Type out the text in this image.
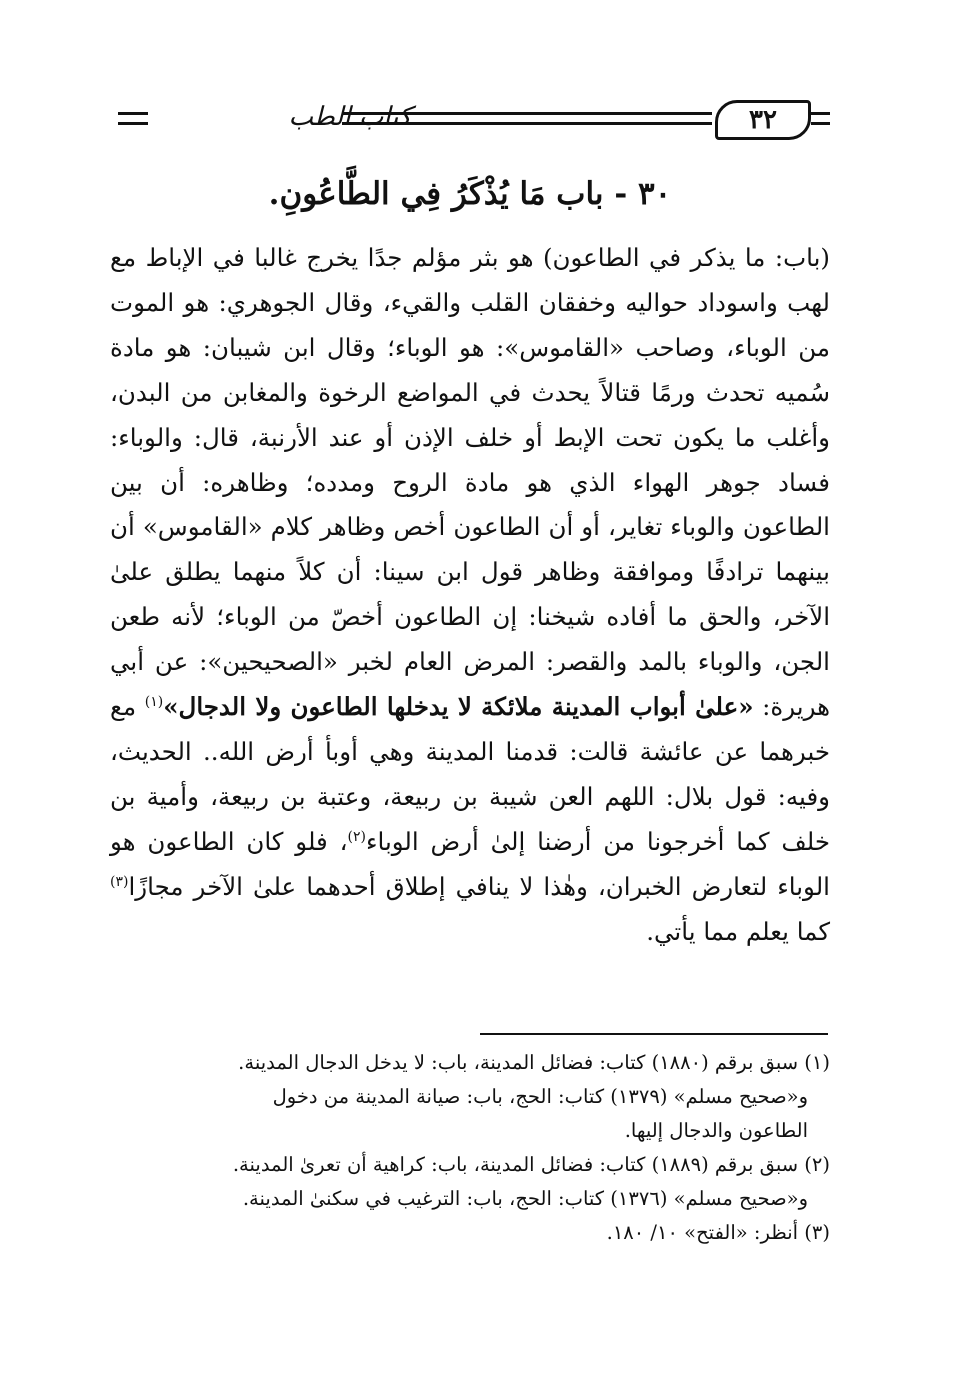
كتاب الطب	٣٢
٣٠ - باب مَا يُذْكَرُ فِي الطَّاعُونِ.

(باب: ما يذكر في الطاعون) هو بثر مؤلم جدًا يخرج غالبا في الإباط مع لهب واسوداد حواليه وخفقان القلب والقيء، وقال الجوهري: هو الموت من الوباء، وصاحب «القاموس»: هو الوباء؛ وقال ابن شيبان: هو مادة سُميه تحدث ورمًا قتالاً يحدث في المواضع الرخوة والمغابن من البدن، وأغلب ما يكون تحت الإبط أو خلف الإذن أو عند الأرنبة، قال: والوباء: فساد جوهر الهواء الذي هو مادة الروح ومدده؛ وظاهره: أن بين الطاعون والوباء تغاير، أو أن الطاعون أخص وظاهر كلام «القاموس» أن بينهما ترادفًا وموافقة وظاهر قول ابن سينا: أن كلاً منهما يطلق علىٰ الآخر، والحق ما أفاده شيخنا: إن الطاعون أخصّ من الوباء؛ لأنه طعن الجن، والوباء بالمد والقصر: المرض العام لخبر «الصحيحين»: عن أبي هريرة: «علىٰ أبواب المدينة ملائكة لا يدخلها الطاعون ولا الدجال»$^{(١)}$ مع خبرهما عن عائشة قالت: قدمنا المدينة وهي أوبأ أرض الله.. الحديث، وفيه: قول بلال: اللهم العن شيبة بن ربيعة، وعتبة بن ربيعة، وأمية بن خلف كما أخرجونا من أرضنا إلىٰ أرض الوباء$^{(٢)}$، فلو كان الطاعون هو الوباء لتعارض الخبران، وهٰذا لا ينافي إطلاق أحدهما علىٰ الآخر مجازًا$^{(٣)}$ كما يعلم مما يأتي.

(١) سبق برقم (١٨٨٠) كتاب: فضائل المدينة، باب: لا يدخل الدجال المدينة.

و«صحيح مسلم» (١٣٧٩) كتاب: الحج، باب: صيانة المدينة من دخول

الطاعون والدجال إليها.

(٢) سبق برقم (١٨٨٩) كتاب: فضائل المدينة، باب: كراهية أن تعرىٰ المدينة.

و«صحيح مسلم» (١٣٧٦) كتاب: الحج، باب: الترغيب في سكنىٰ المدينة.

(٣) أنظر: «الفتح» ١٠/ ١٨٠.
